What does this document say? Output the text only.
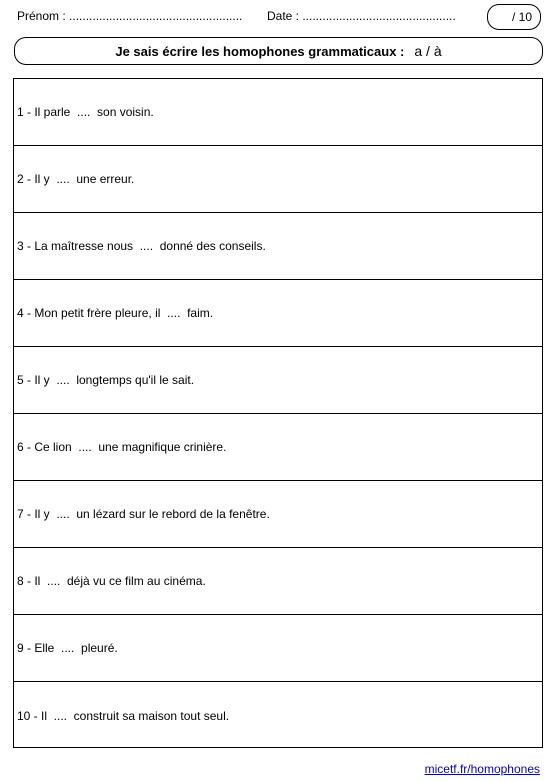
Prénom : .................................................... Date : ..............................................	/ 10
Je sais écrire les homophones grammaticaux : a / à
1 - Il parle  ....  son voisin.
2 - Il y  ....  une erreur.
3 - La maîtresse nous  ....  donné des conseils.
4 - Mon petit frère pleure, il  ....  faim.
5 - Il y  ....  longtemps qu'il le sait.
6 - Ce lion  ....  une magnifique crinière.
7 - Il y  ....  un lézard sur le rebord de la fenêtre.
8 - Il  ....  déjà vu ce film au cinéma.
9 - Elle  ....  pleuré.
10 - Il  ....  construit sa maison tout seul.
micetf.fr/homophones
